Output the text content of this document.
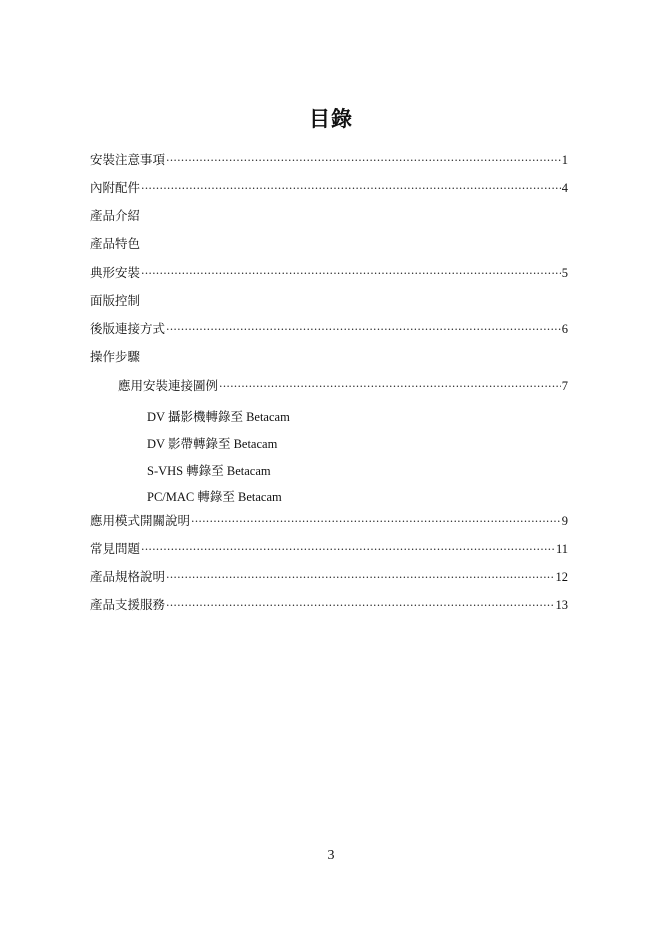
目錄
安裝注意事項 ·····	1
內附配件 ·····	4
產品介紹
產品特色
典形安裝 ·····	5
面版控制
後版連接方式 ·····	6
操作步驟
應用安裝連接圖例 ·····	7
DV 攝影機轉錄至 Betacam
DV 影帶轉錄至 Betacam
S-VHS 轉錄至 Betacam
PC/MAC 轉錄至 Betacam
應用模式開關說明 ·····	9
常見問題 ·····	11
產品規格說明 ·····	12
產品支援服務 ·····	13
3
